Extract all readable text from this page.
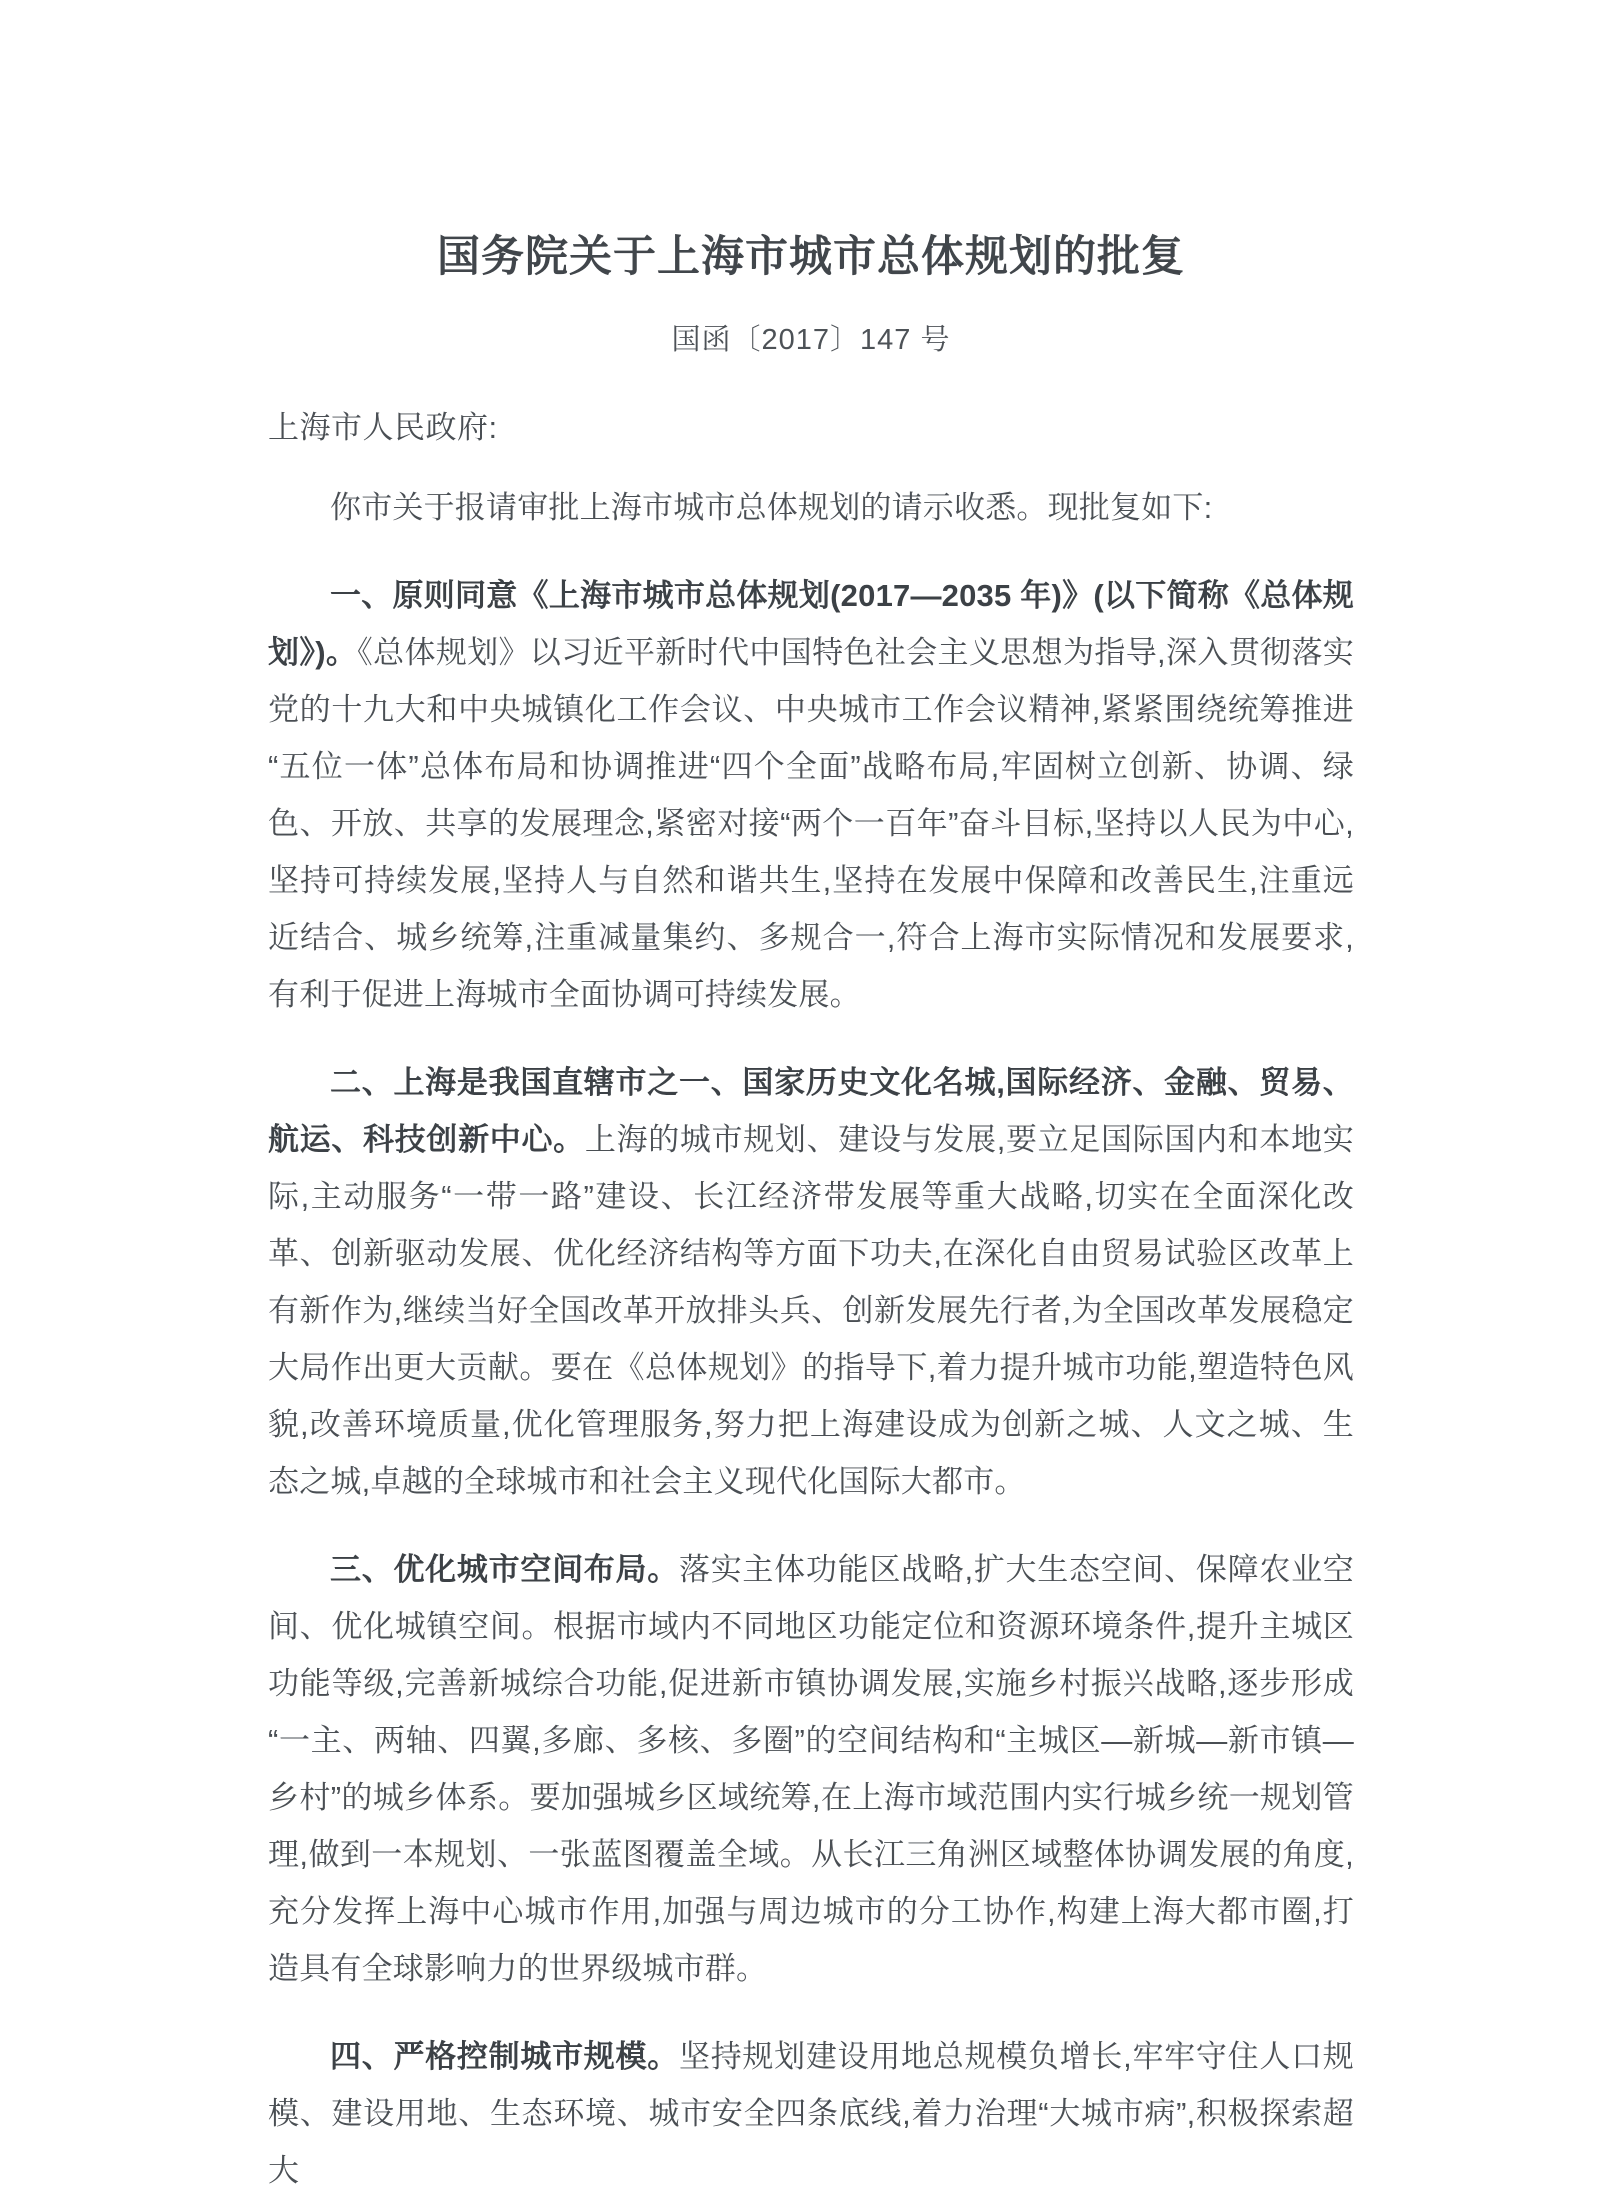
国务院关于上海市城市总体规划的批复
国函〔2017〕147 号
上海市人民政府:

你市关于报请审批上海市城市总体规划的请示收悉。现批复如下:

一、原则同意《上海市城市总体规划(2017—2035 年)》(以下简称《总体规划》)。《总体规划》以习近平新时代中国特色社会主义思想为指导,深入贯彻落实党的十九大和中央城镇化工作会议、中央城市工作会议精神,紧紧围绕统筹推进“五位一体”总体布局和协调推进“四个全面”战略布局,牢固树立创新、协调、绿色、开放、共享的发展理念,紧密对接“两个一百年”奋斗目标,坚持以人民为中心,坚持可持续发展,坚持人与自然和谐共生,坚持在发展中保障和改善民生,注重远近结合、城乡统筹,注重减量集约、多规合一,符合上海市实际情况和发展要求,有利于促进上海城市全面协调可持续发展。

二、上海是我国直辖市之一、国家历史文化名城,国际经济、金融、贸易、航运、科技创新中心。上海的城市规划、建设与发展,要立足国际国内和本地实际,主动服务“一带一路”建设、长江经济带发展等重大战略,切实在全面深化改革、创新驱动发展、优化经济结构等方面下功夫,在深化自由贸易试验区改革上有新作为,继续当好全国改革开放排头兵、创新发展先行者,为全国改革发展稳定大局作出更大贡献。要在《总体规划》的指导下,着力提升城市功能,塑造特色风貌,改善环境质量,优化管理服务,努力把上海建设成为创新之城、人文之城、生态之城,卓越的全球城市和社会主义现代化国际大都市。

三、优化城市空间布局。落实主体功能区战略,扩大生态空间、保障农业空间、优化城镇空间。根据市域内不同地区功能定位和资源环境条件,提升主城区功能等级,完善新城综合功能,促进新市镇协调发展,实施乡村振兴战略,逐步形成“一主、两轴、四翼,多廊、多核、多圈”的空间结构和“主城区—新城—新市镇—乡村”的城乡体系。要加强城乡区域统筹,在上海市域范围内实行城乡统一规划管理,做到一本规划、一张蓝图覆盖全域。从长江三角洲区域整体协调发展的角度,充分发挥上海中心城市作用,加强与周边城市的分工协作,构建上海大都市圈,打造具有全球影响力的世界级城市群。

四、严格控制城市规模。坚持规划建设用地总规模负增长,牢牢守住人口规模、建设用地、生态环境、城市安全四条底线,着力治理“大城市病”,积极探索超大
